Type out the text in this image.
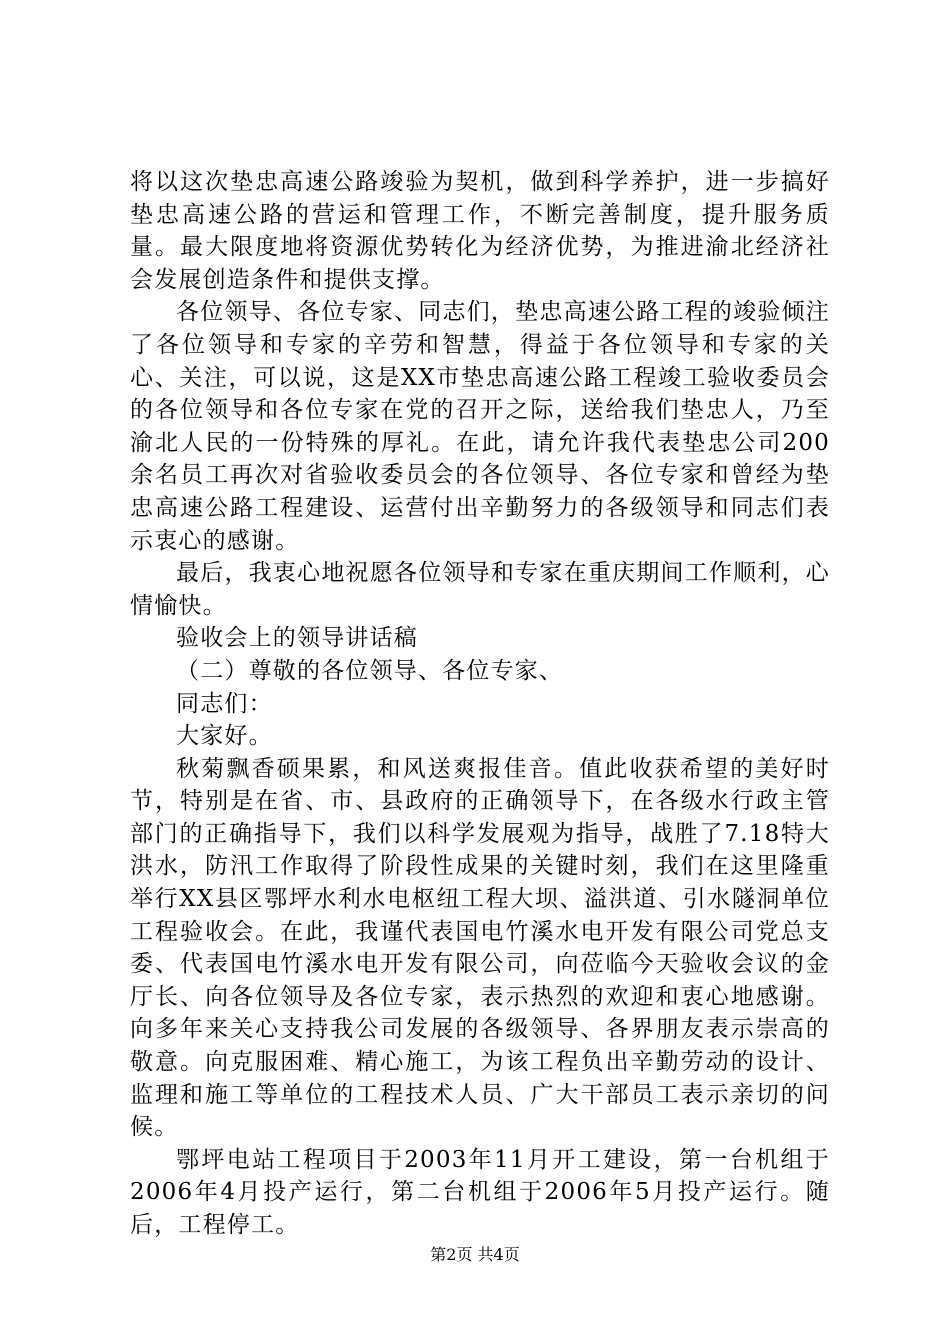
将以这次垫忠高速公路竣验为契机，做到科学养护，进一步搞好垫忠高速公路的营运和管理工作，不断完善制度，提升服务质量。最大限度地将资源优势转化为经济优势，为推进渝北经济社会发展创造条件和提供支撑。

各位领导、各位专家、同志们，垫忠高速公路工程的竣验倾注了各位领导和专家的辛劳和智慧，得益于各位领导和专家的关心、关注，可以说，这是XX市垫忠高速公路工程竣工验收委员会的各位领导和各位专家在党的召开之际，送给我们垫忠人，乃至渝北人民的一份特殊的厚礼。在此，请允许我代表垫忠公司200余名员工再次对省验收委员会的各位领导、各位专家和曾经为垫忠高速公路工程建设、运营付出辛勤努力的各级领导和同志们表示衷心的感谢。

最后，我衷心地祝愿各位领导和专家在重庆期间工作顺利，心情愉快。

验收会上的领导讲话稿

（二）尊敬的各位领导、各位专家、

同志们：

大家好。

秋菊飘香硕果累，和风送爽报佳音。值此收获希望的美好时节，特别是在省、市、县政府的正确领导下，在各级水行政主管部门的正确指导下，我们以科学发展观为指导，战胜了7.18特大洪水，防汛工作取得了阶段性成果的关键时刻，我们在这里隆重举行XX县区鄂坪水利水电枢纽工程大坝、溢洪道、引水隧洞单位工程验收会。在此，我谨代表国电竹溪水电开发有限公司党总支委、代表国电竹溪水电开发有限公司，向莅临今天验收会议的金厅长、向各位领导及各位专家，表示热烈的欢迎和衷心地感谢。向多年来关心支持我公司发展的各级领导、各界朋友表示崇高的敬意。向克服困难、精心施工，为该工程负出辛勤劳动的设计、监理和施工等单位的工程技术人员、广大干部员工表示亲切的问候。

鄂坪电站工程项目于2003年11月开工建设，第一台机组于2006年4月投产运行，第二台机组于2006年5月投产运行。随后，工程停工。

第2页 共4页
